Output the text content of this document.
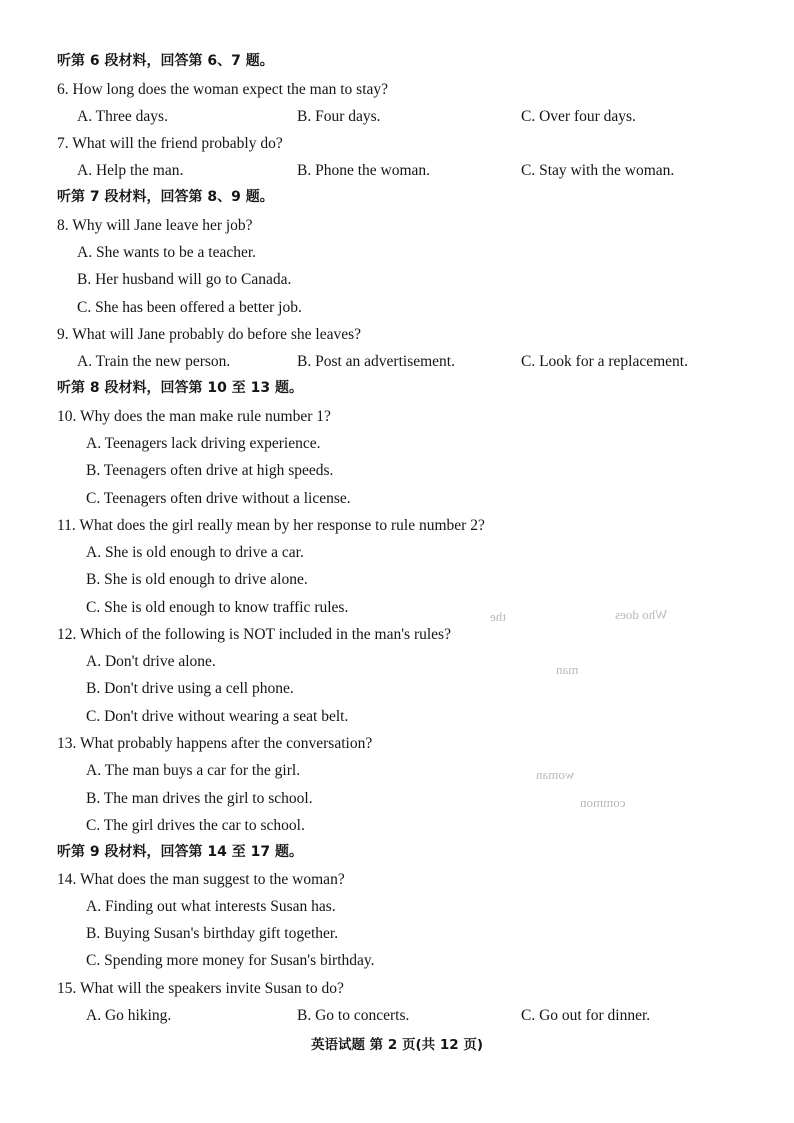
听第 6 段材料，回答第 6、7 题。
6. How long does the woman expect the man to stay?
A. Three days.	B. Four days.	C. Over four days.
7. What will the friend probably do?
A. Help the man.	B. Phone the woman.	C. Stay with the woman.
听第 7 段材料，回答第 8、9 题。
8. Why will Jane leave her job?
A. She wants to be a teacher.
B. Her husband will go to Canada.
C. She has been offered a better job.
9. What will Jane probably do before she leaves?
A. Train the new person.	B. Post an advertisement.	C. Look for a replacement.
听第 8 段材料，回答第 10 至 13 题。
10. Why does the man make rule number 1?
A. Teenagers lack driving experience.
B. Teenagers often drive at high speeds.
C. Teenagers often drive without a license.
11. What does the girl really mean by her response to rule number 2?
A. She is old enough to drive a car.
B. She is old enough to drive alone.
C. She is old enough to know traffic rules.
12. Which of the following is NOT included in the man's rules?
A. Don't drive alone.
B. Don't drive using a cell phone.
C. Don't drive without wearing a seat belt.
13. What probably happens after the conversation?
A. The man buys a car for the girl.
B. The man drives the girl to school.
C. The girl drives the car to school.
听第 9 段材料，回答第 14 至 17 题。
14. What does the man suggest to the woman?
A. Finding out what interests Susan has.
B. Buying Susan's birthday gift together.
C. Spending more money for Susan's birthday.
15. What will the speakers invite Susan to do?
A. Go hiking.	B. Go to concerts.	C. Go out for dinner.
英语试题 第 2 页(共 12 页)
Who does
the
man
woman
common
